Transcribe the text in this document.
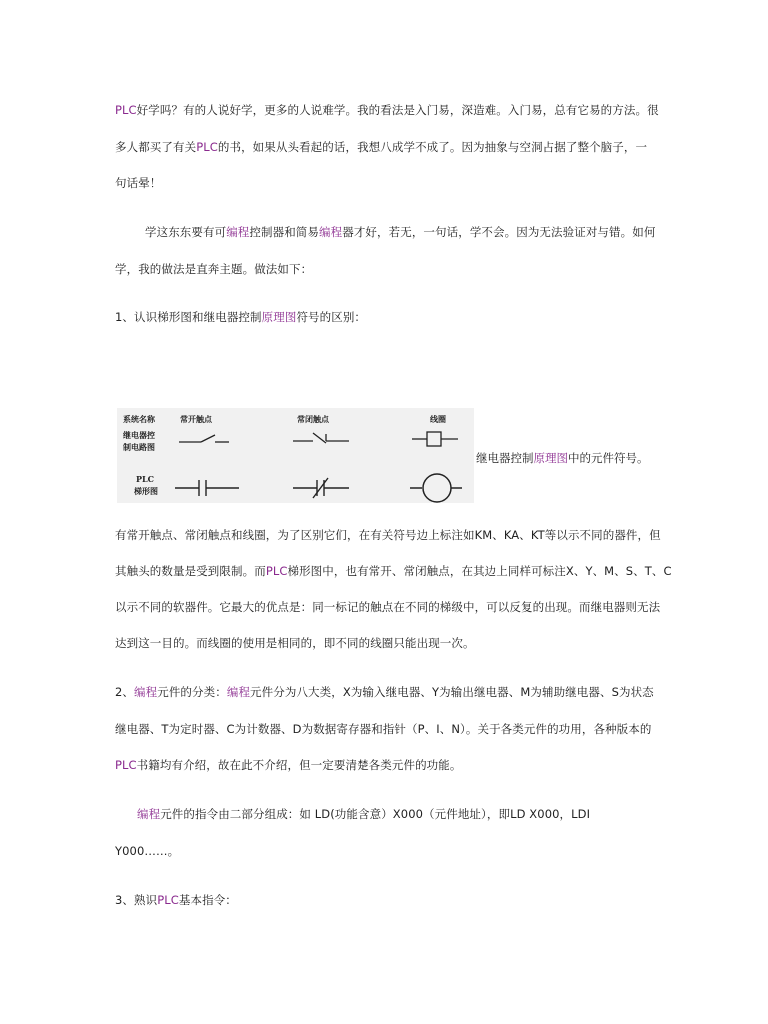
PLC好学吗？有的人说好学，更多的人说难学。我的看法是入门易，深造难。入门易，总有它易的方法。很
多人都买了有关PLC的书，如果从头看起的话，我想八成学不成了。因为抽象与空洞占据了整个脑子，一
句话晕！
学这东东要有可编程控制器和简易编程器才好，若无，一句话，学不会。因为无法验证对与错。如何
学，我的做法是直奔主题。做法如下：
1、认识梯形图和继电器控制原理图符号的区别：
有常开触点、常闭触点和线圈，为了区别它们，在有关符号边上标注如KM、KA、KT等以示不同的器件，但
其触头的数量是受到限制。而PLC梯形图中，也有常开、常闭触点，在其边上同样可标注X、Y、M、S、T、C
以示不同的软器件。它最大的优点是：同一标记的触点在不同的梯级中，可以反复的出现。而继电器则无法
达到这一目的。而线圈的使用是相同的，即不同的线圈只能出现一次。
2、编程元件的分类：编程元件分为八大类，X为输入继电器、Y为输出继电器、M为辅助继电器、S为状态
继电器、T为定时器、C为计数器、D为数据寄存器和指针（P、I、N）。关于各类元件的功用，各种版本的
PLC书籍均有介绍，故在此不介绍，但一定要清楚各类元件的功能。
编程元件的指令由二部分组成：如 LD(功能含意）X000（元件地址），即LD X000，LDI
Y000……。
3、熟识PLC基本指令：
系统名称	常开触点	常闭触点	线圈
继电器控
制电路图
PLC
梯形图
继电器控制原理图中的元件符号。
